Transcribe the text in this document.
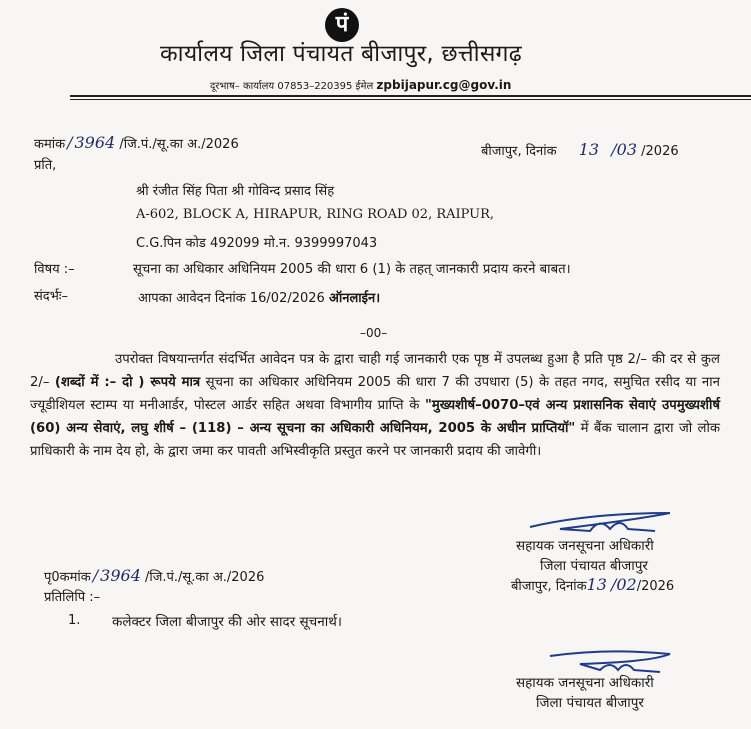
पं
कार्यालय जिला पंचायत बीजापुर, छत्तीसगढ़
दूरभाष– कार्यालय 07853–220395 ईमेल zpbijapur.cg@gov.in
कमांक / 3964 /जि.पं./सू.का अ./2026
प्रति,
बीजापुर, दिनांक 13 /03 /2026
श्री रंजीत सिंह पिता श्री गोविन्द प्रसाद सिंह
A-602, BLOCK A, HIRAPUR, RING ROAD 02, RAIPUR,
C.G.पिन कोड 492099 मो.न. 9399997043
विषय :–	सूचना का अधिकार अधिनियम 2005 की धारा 6 (1) के तहत् जानकारी प्रदाय करने बाबत।
संदर्भः–	आपका आवेदन दिनांक 16/02/2026 ऑनलाईन।
–00–
उपरोक्त विषयान्तर्गत संदर्भित आवेदन पत्र के द्वारा चाही गई जानकारी एक पृष्ठ में उपलब्ध हुआ है प्रति पृष्ठ 2/– की दर से कुल 2/– (शब्दों में :– दो ) रूपये मात्र सूचना का अधिकार अधिनियम 2005 की धारा 7 की उपधारा (5) के तहत नगद, समुचित रसीद या नान ज्यूडीशियल स्टाम्प या मनीआर्डर, पोस्टल आर्डर सहित अथवा विभागीय प्राप्ति के "मुख्यशीर्ष–0070–एवं अन्य प्रशासनिक सेवाएं उपमुख्यशीर्ष (60) अन्य सेवाएं, लघु शीर्ष – (118) – अन्य सूचना का अधिकारी अधिनियम, 2005 के अधीन प्राप्तियॉ" में बैंक चालान द्वारा जो लोक प्राधिकारी के नाम देय हो, के द्वारा जमा कर पावती अभिस्वीकृति प्रस्तुत करने पर जानकारी प्रदाय की जावेगी।
सहायक जनसूचना अधिकारी
जिला पंचायत बीजापुर
बीजापुर, दिनांक13 /02/2026
पृ0कमांक / 3964 /जि.पं./सू.का अ./2026
प्रतिलिपि :–
1. कलेक्टर जिला बीजापुर की ओर सादर सूचनार्थ।
सहायक जनसूचना अधिकारी
जिला पंचायत बीजापुर
